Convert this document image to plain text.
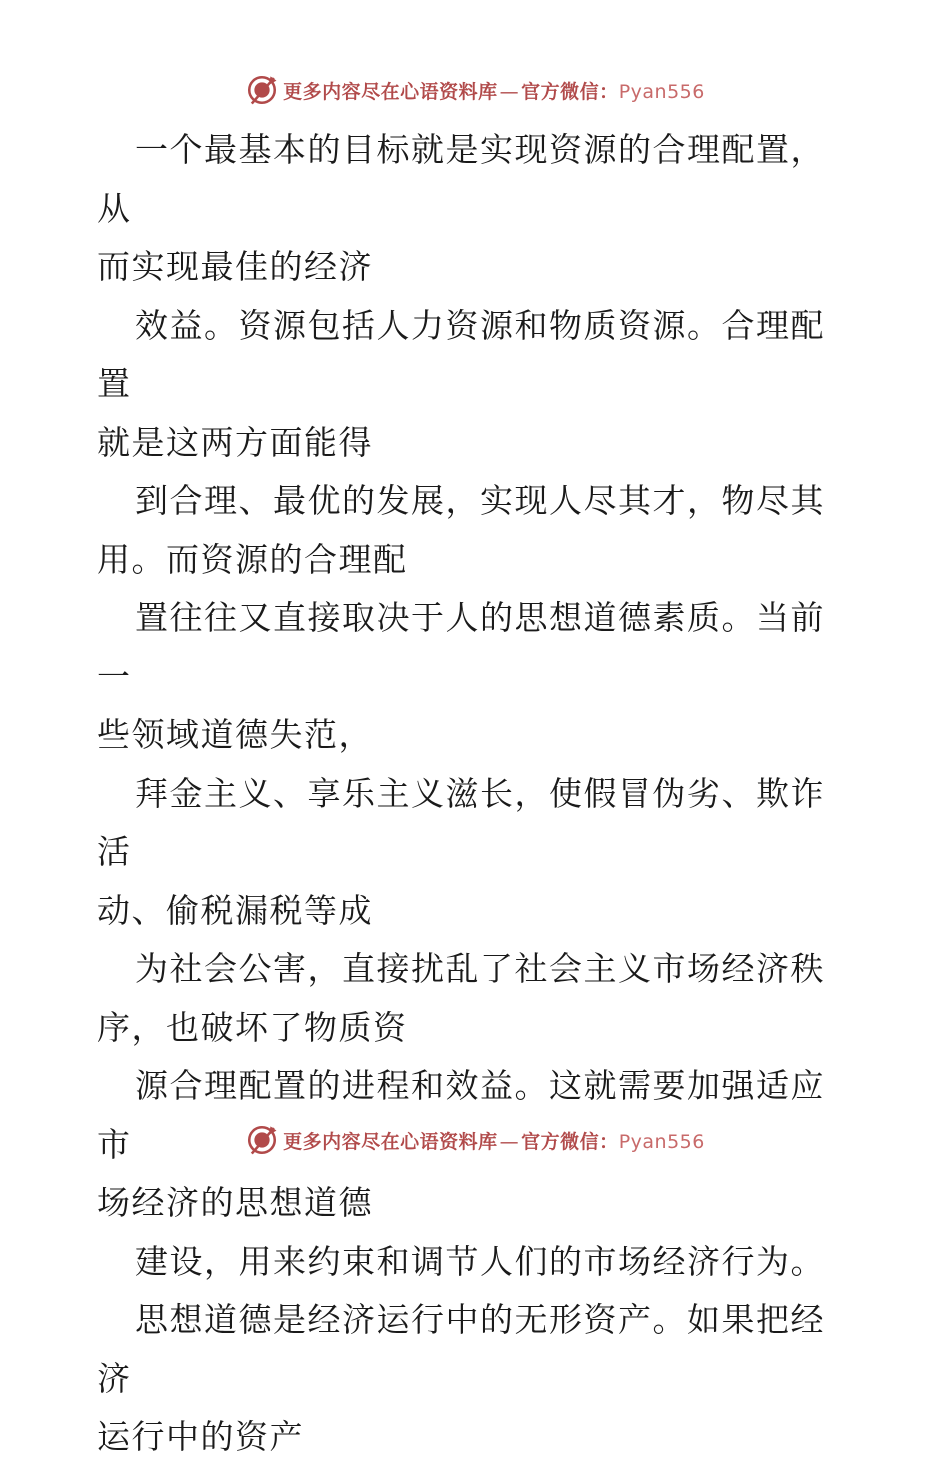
更多内容尽在心语资料库 — 官方微信：Pyan556

一个最基本的目标就是实现资源的合理配置，从
而实现最佳的经济

效益。资源包括人力资源和物质资源。合理配置
就是这两方面能得

到合理、最优的发展，实现人尽其才，物尽其
用。而资源的合理配

置往往又直接取决于人的思想道德素质。当前一
些领域道德失范，

拜金主义、享乐主义滋长，使假冒伪劣、欺诈活
动、偷税漏税等成

为社会公害，直接扰乱了社会主义市场经济秩
序，也破坏了物质资

源合理配置的进程和效益。这就需要加强适应市
场经济的思想道德

建设，用来约束和调节人们的市场经济行为。

思想道德是经济运行中的无形资产。如果把经济
运行中的资产

更多内容尽在心语资料库 — 官方微信：Pyan556
